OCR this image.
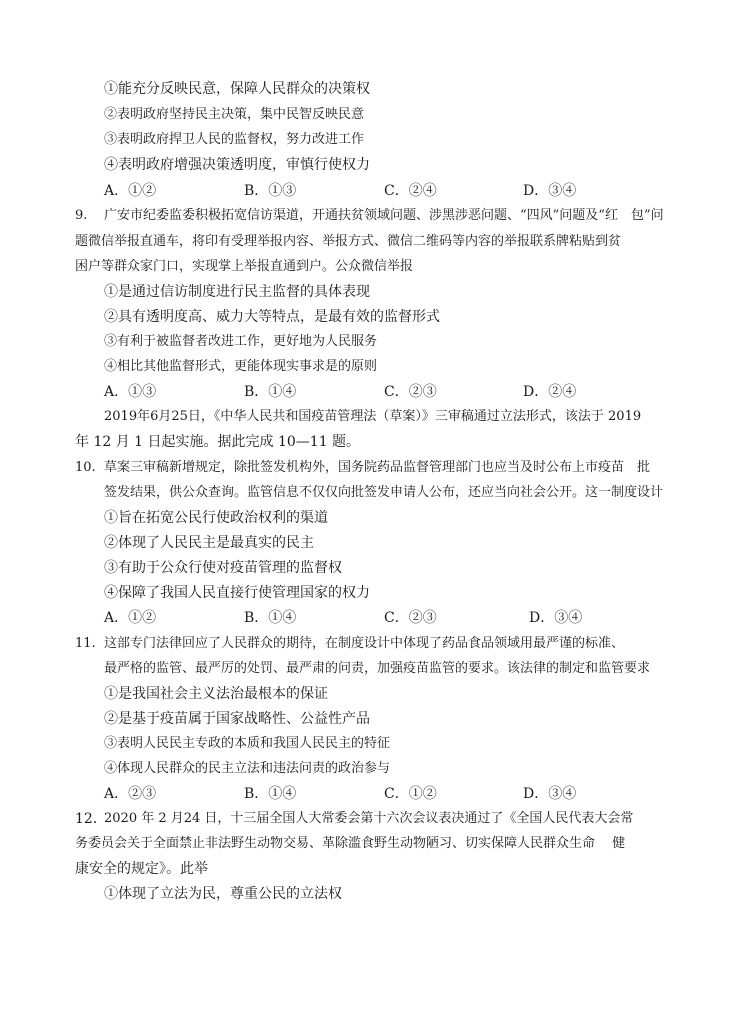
①能充分反映民意，保障人民群众的决策权
②表明政府坚持民主决策，集中民智反映民意
③表明政府捍卫人民的监督权，努力改进工作
④表明政府增强决策透明度，审慎行使权力
A．①②	B．①③	C．②④	D．③④
9. 广安市纪委监委积极拓宽信访渠道，开通扶贫领域问题、涉黑涉恶问题、“四风”问题及“红　包”问
题微信举报直通车，将印有受理举报内容、举报方式、微信二维码等内容的举报联系牌粘贴到贫
困户等群众家门口，实现掌上举报直通到户。公众微信举报
①是通过信访制度进行民主监督的具体表现
②具有透明度高、威力大等特点，是最有效的监督形式
③有利于被监督者改进工作，更好地为人民服务
④相比其他监督形式，更能体现实事求是的原则
A．①③	B．①④	C．②③	D．②④
2019年6月25日，《中华人民共和国疫苗管理法（草案）》三审稿通过立法形式，该法于 2019
年 12 月 1 日起实施。据此完成 10—11 题。
10. 草案三审稿新增规定，除批签发机构外，国务院药品监督管理部门也应当及时公布上市疫苗　批
签发结果，供公众查询。监管信息不仅仅向批签发申请人公布，还应当向社会公开。这一制度设计
①旨在拓宽公民行使政治权利的渠道
②体现了人民民主是最真实的民主
③有助于公众行使对疫苗管理的监督权
④保障了我国人民直接行使管理国家的权力
A．①②	B．①④	C．②③	D．③④
11. 这部专门法律回应了人民群众的期待，在制度设计中体现了药品食品领域用最严谨的标准、
最严格的监管、最严厉的处罚、最严肃的问责，加强疫苗监管的要求。该法律的制定和监管要求
①是我国社会主义法治最根本的保证
②是基于疫苗属于国家战略性、公益性产品
③表明人民民主专政的本质和我国人民民主的特征
④体现人民群众的民主立法和违法问责的政治参与
A．②③	B．①④	C．①②	D．③④
12．
2020 年 2 月24 日，十三届全国人大常委会第十六次会议表决通过了《全国人民代表大会常
务委员会关于全面禁止非法野生动物交易、革除滥食野生动物陋习、切实保障人民群众生命　 健
康安全的规定》。此举
①体现了立法为民，尊重公民的立法权
